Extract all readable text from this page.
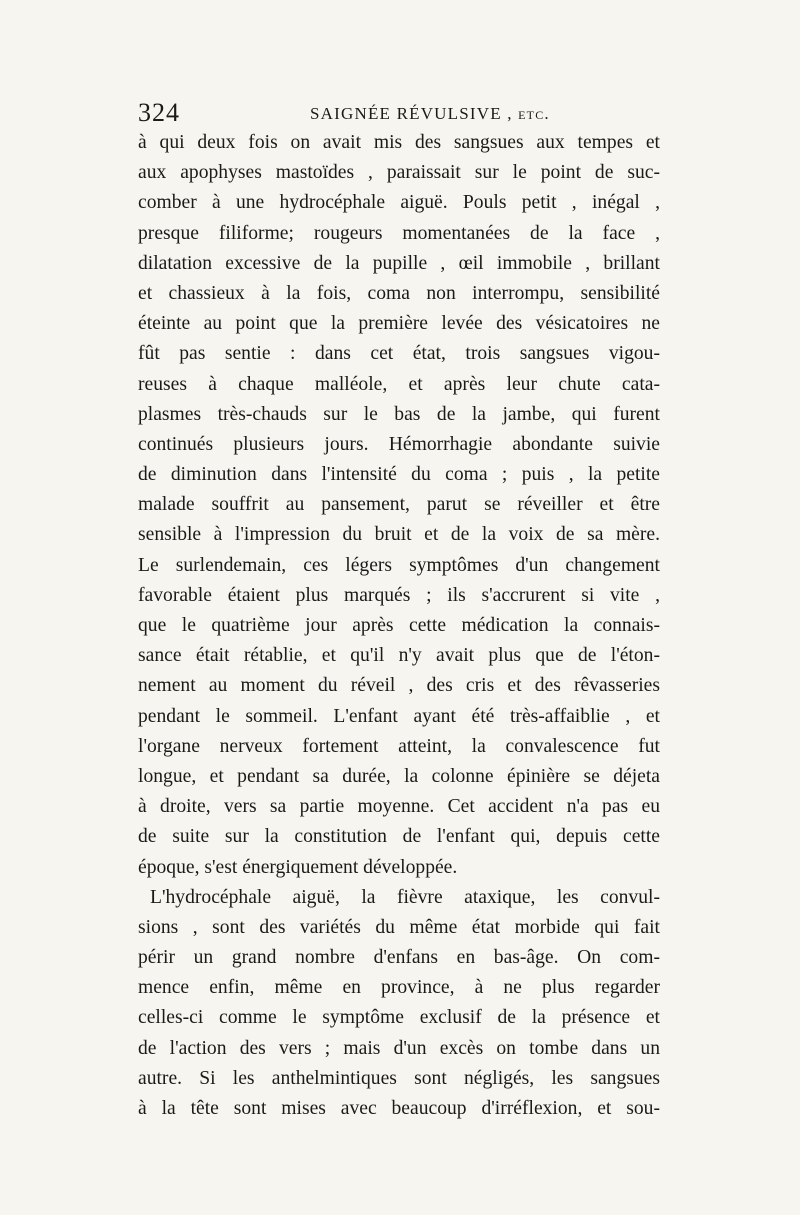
324	SAIGNÉE RÉVULSIVE , etc.
à qui deux fois on avait mis des sangsues aux tempes et
aux apophyses mastoïdes , paraissait sur le point de suc-
comber à une hydrocéphale aiguë. Pouls petit , inégal ,
presque filiforme; rougeurs momentanées de la face ,
dilatation excessive de la pupille , œil immobile , brillant
et chassieux à la fois, coma non interrompu, sensibilité
éteinte au point que la première levée des vésicatoires ne
fût pas sentie : dans cet état, trois sangsues vigou-
reuses à chaque malléole, et après leur chute cata-
plasmes très-chauds sur le bas de la jambe, qui furent
continués plusieurs jours. Hémorrhagie abondante suivie
de diminution dans l'intensité du coma ; puis , la petite
malade souffrit au pansement, parut se réveiller et être
sensible à l'impression du bruit et de la voix de sa mère.
Le surlendemain, ces légers symptômes d'un changement
favorable étaient plus marqués ; ils s'accrurent si vite ,
que le quatrième jour après cette médication la connais-
sance était rétablie, et qu'il n'y avait plus que de l'éton-
nement au moment du réveil , des cris et des rêvasseries
pendant le sommeil. L'enfant ayant été très-affaiblie , et
l'organe nerveux fortement atteint, la convalescence fut
longue, et pendant sa durée, la colonne épinière se déjeta
à droite, vers sa partie moyenne. Cet accident n'a pas eu
de suite sur la constitution de l'enfant qui, depuis cette
époque, s'est énergiquement développée.
L'hydrocéphale aiguë, la fièvre ataxique, les convul-
sions , sont des variétés du même état morbide qui fait
périr un grand nombre d'enfans en bas-âge. On com-
mence enfin, même en province, à ne plus regarder
celles-ci comme le symptôme exclusif de la présence et
de l'action des vers ; mais d'un excès on tombe dans un
autre. Si les anthelmintiques sont négligés, les sangsues
à la tête sont mises avec beaucoup d'irréflexion, et sou-
